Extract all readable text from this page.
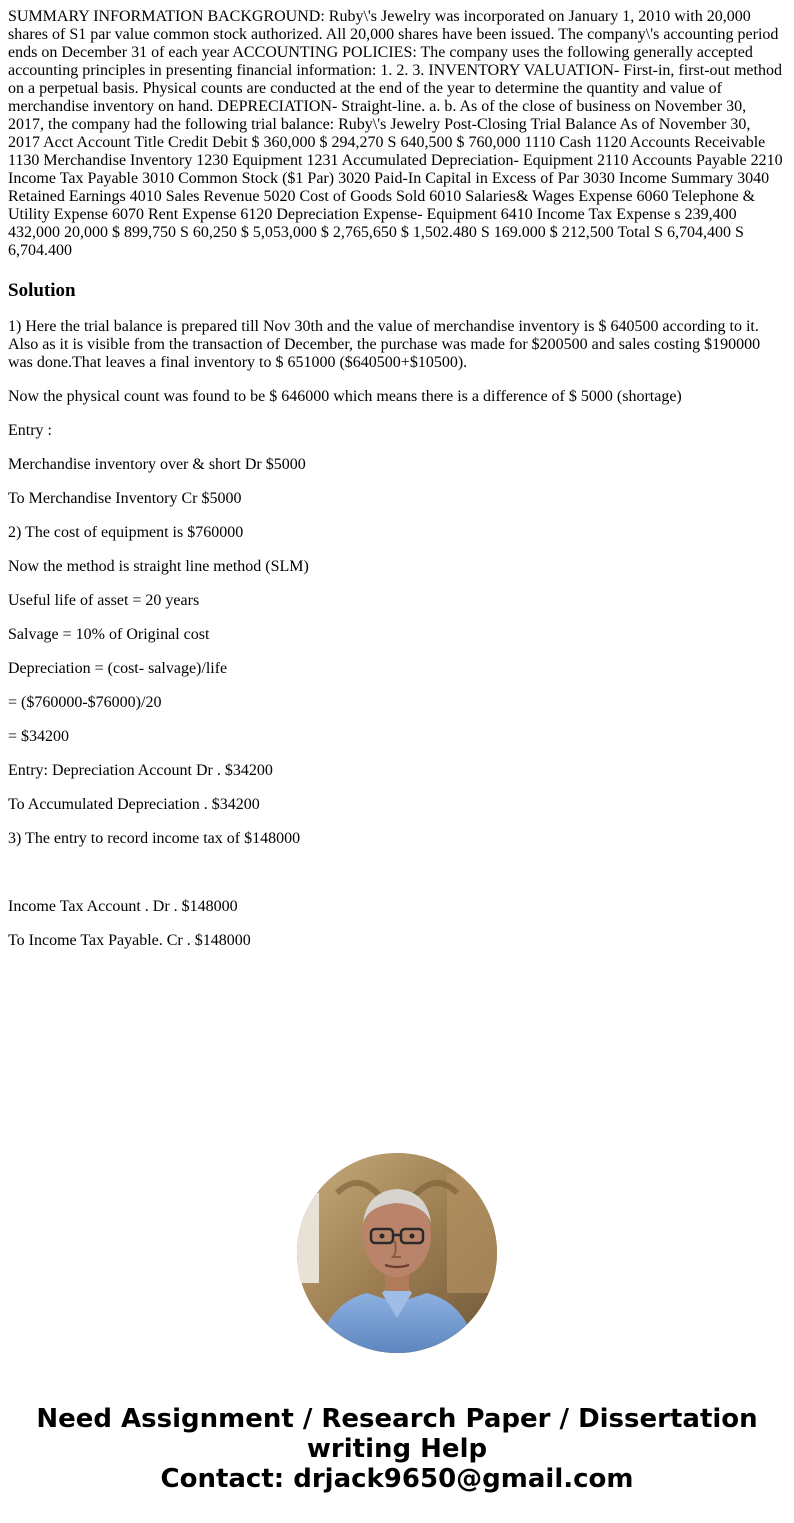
SUMMARY INFORMATION BACKGROUND: Ruby\'s Jewelry was incorporated on January 1, 2010 with 20,000 shares of S1 par value common stock authorized. All 20,000 shares have been issued. The company\'s accounting period ends on December 31 of each year ACCOUNTING POLICIES: The company uses the following generally accepted accounting principles in presenting financial information: 1. 2. 3. INVENTORY VALUATION- First-in, first-out method on a perpetual basis. Physical counts are conducted at the end of the year to determine the quantity and value of merchandise inventory on hand. DEPRECIATION- Straight-line. a. b. As of the close of business on November 30, 2017, the company had the following trial balance: Ruby\'s Jewelry Post-Closing Trial Balance As of November 30, 2017 Acct Account Title Credit Debit $ 360,000 $ 294,270 S 640,500 $ 760,000 1110 Cash 1120 Accounts Receivable 1130 Merchandise Inventory 1230 Equipment 1231 Accumulated Depreciation- Equipment 2110 Accounts Payable 2210 Income Tax Payable 3010 Common Stock ($1 Par) 3020 Paid-In Capital in Excess of Par 3030 Income Summary 3040 Retained Earnings 4010 Sales Revenue 5020 Cost of Goods Sold 6010 Salaries& Wages Expense 6060 Telephone & Utility Expense 6070 Rent Expense 6120 Depreciation Expense- Equipment 6410 Income Tax Expense s 239,400 432,000 20,000 $ 899,750 S 60,250 $ 5,053,000 $ 2,765,650 $ 1,502.480 S 169.000 $ 212,500 Total S 6,704,400 S 6,704.400

Solution

1) Here the trial balance is prepared till Nov 30th and the value of merchandise inventory is $ 640500 according to it. Also as it is visible from the transaction of December, the purchase was made for $200500 and sales costing $190000 was done.That leaves a final inventory to $ 651000 ($640500+$10500).

Now the physical count was found to be $ 646000 which means there is a difference of $ 5000 (shortage)

Entry :

Merchandise inventory over & short Dr $5000

To Merchandise Inventory Cr $5000

2) The cost of equipment is $760000

Now the method is straight line method (SLM)

Useful life of asset = 20 years

Salvage = 10% of Original cost

Depreciation = (cost- salvage)/life

= ($760000-$76000)/20

= $34200

Entry: Depreciation Account Dr . $34200

To Accumulated Depreciation . $34200

3) The entry to record income tax of $148000

Income Tax Account . Dr . $148000

To Income Tax Payable. Cr . $148000

Need Assignment / Research Paper / Dissertation
writing Help
Contact: drjack9650@gmail.com
